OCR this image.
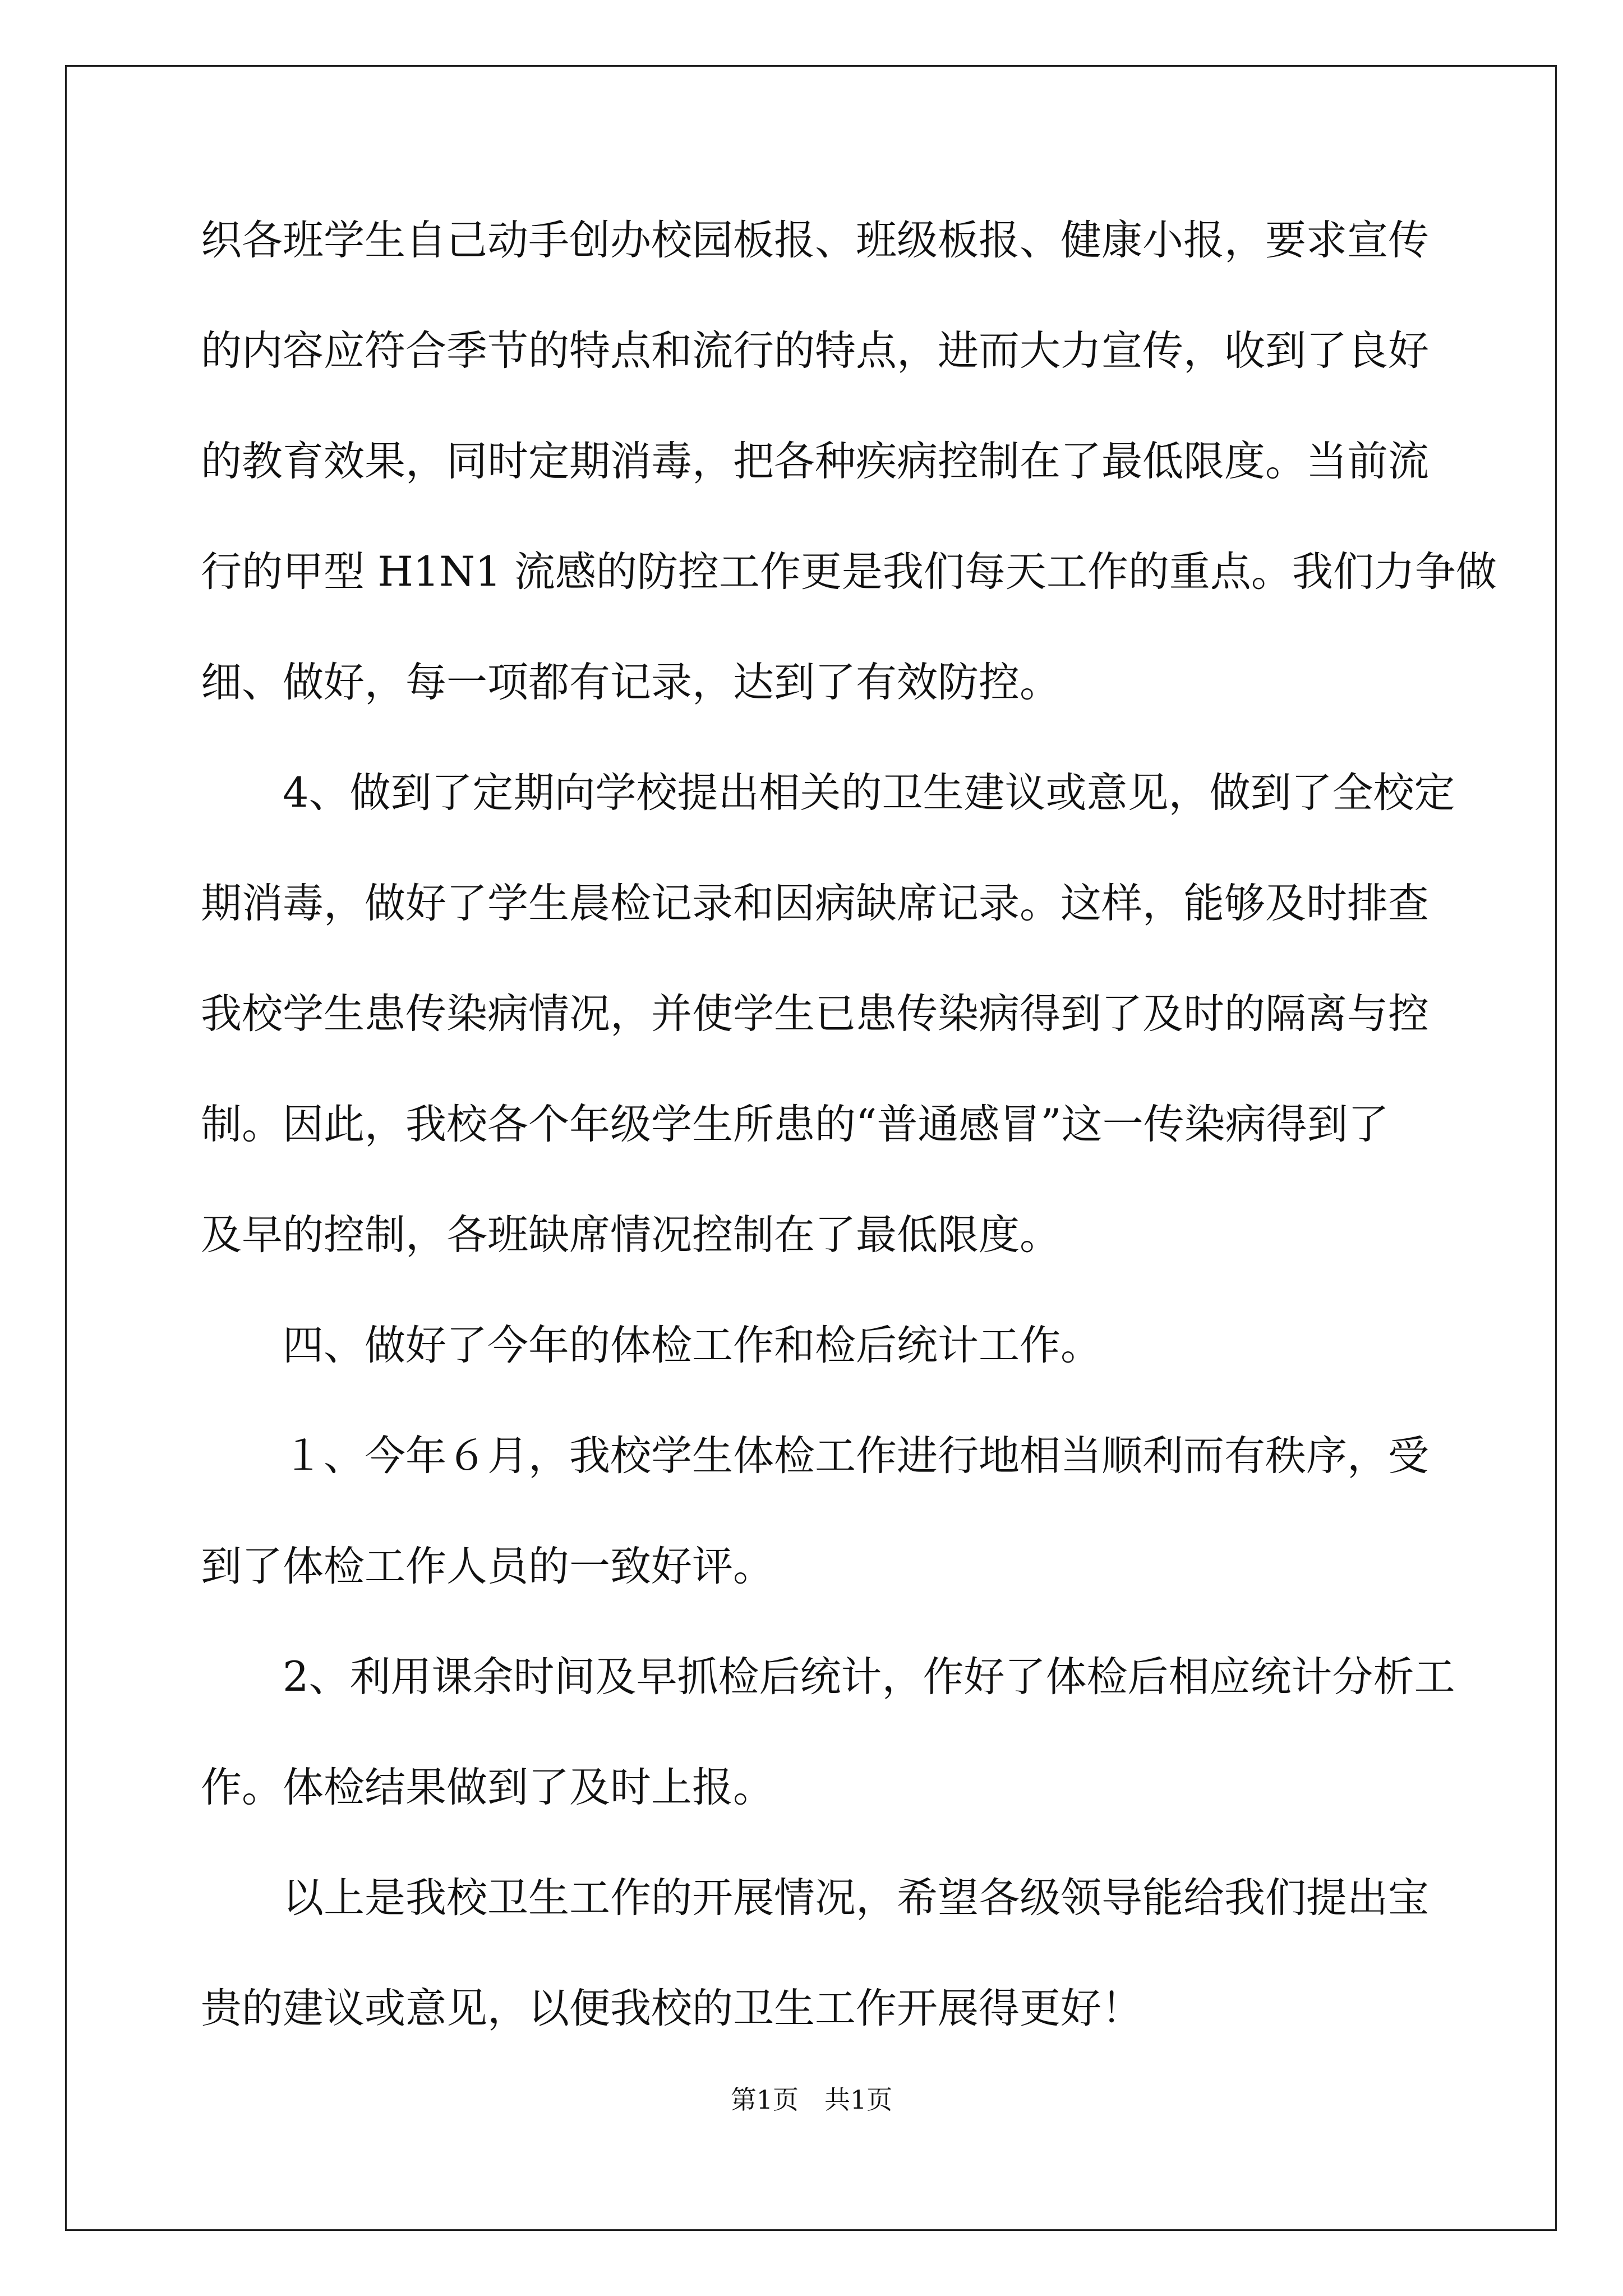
织各班学生自己动手创办校园板报、班级板报、健康小报，要求宣传
的内容应符合季节的特点和流行的特点，进而大力宣传，收到了良好
的教育效果，同时定期消毒，把各种疾病控制在了最低限度。当前流
行的甲型 H1N1 流感的防控工作更是我们每天工作的重点。我们力争做
细、做好，每一项都有记录，达到了有效防控。
　　4、做到了定期向学校提出相关的卫生建议或意见，做到了全校定
期消毒，做好了学生晨检记录和因病缺席记录。这样，能够及时排查
我校学生患传染病情况，并使学生已患传染病得到了及时的隔离与控
制。因此，我校各个年级学生所患的“普通感冒”这一传染病得到了
及早的控制，各班缺席情况控制在了最低限度。
　　四、做好了今年的体检工作和检后统计工作。
　　１、今年６月，我校学生体检工作进行地相当顺利而有秩序，受
到了体检工作人员的一致好评。
　　2、利用课余时间及早抓检后统计，作好了体检后相应统计分析工
作。体检结果做到了及时上报。
　　以上是我校卫生工作的开展情况，希望各级领导能给我们提出宝
贵的建议或意见，以便我校的卫生工作开展得更好！
第1页　共1页
